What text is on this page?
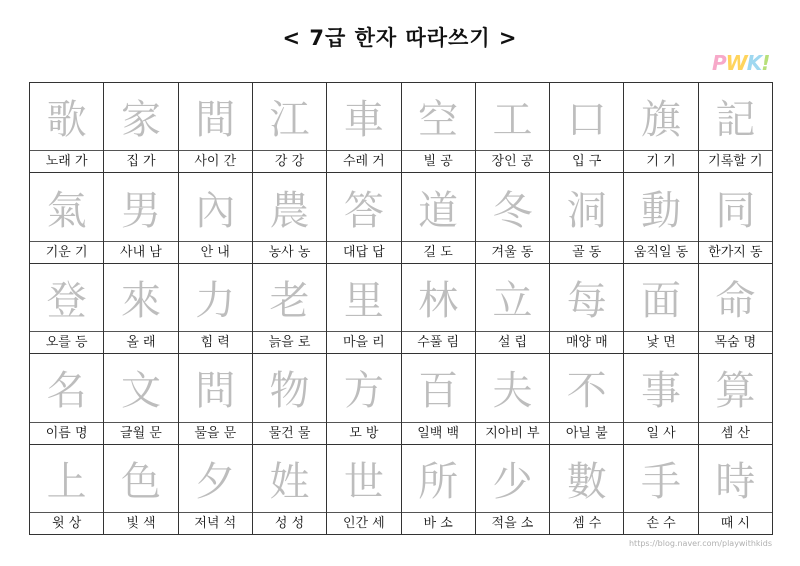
< 7급 한자 따라쓰기 >
PWK!
歌
노래 가
家
집 가
間
사이 간
江
강 강
車
수레 거
空
빌 공
工
장인 공
口
입 구
旗
기 기
記
기록할 기
氣
기운 기
男
사내 남
內
안 내
農
농사 농
答
대답 답
道
길 도
冬
겨울 동
洞
골 동
動
움직일 동
同
한가지 동
登
오를 등
來
올 래
力
힘 력
老
늙을 로
里
마을 리
林
수풀 림
立
설 립
每
매양 매
面
낯 면
命
목숨 명
名
이름 명
文
글월 문
問
물을 문
物
물건 물
方
모 방
百
일백 백
夫
지아비 부
不
아닐 불
事
일 사
算
셈 산
上
윗 상
色
빛 색
夕
저녁 석
姓
성 성
世
인간 세
所
바 소
少
적을 소
數
셈 수
手
손 수
時
때 시
https://blog.naver.com/playwithkids
